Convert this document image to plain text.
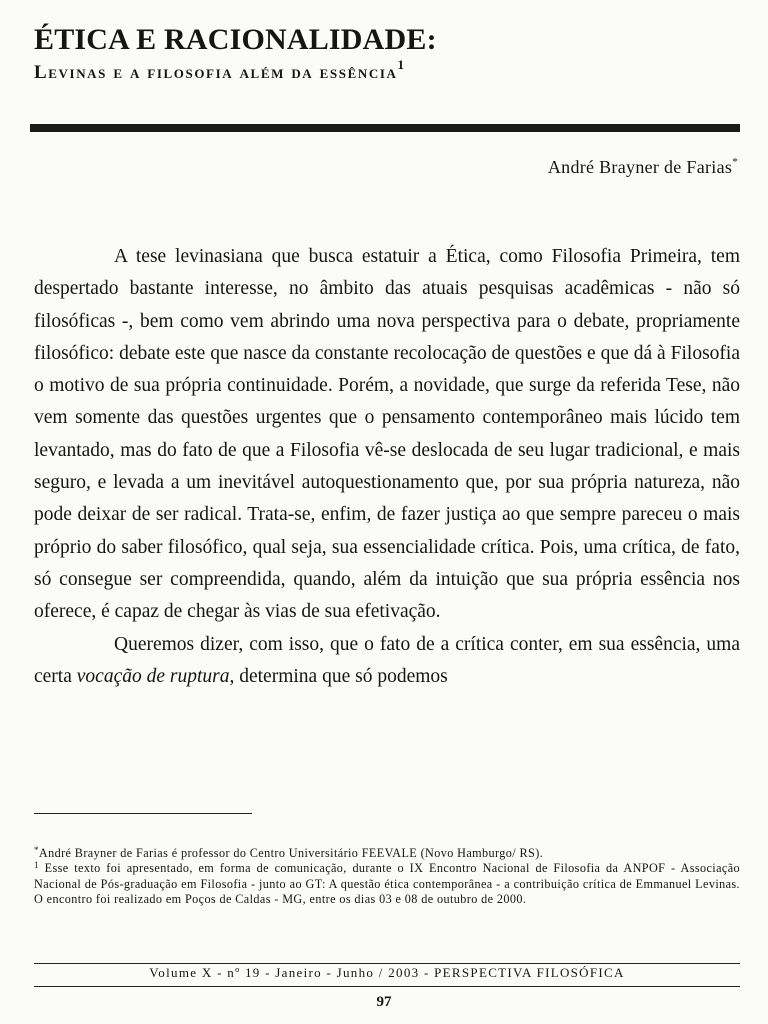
ÉTICA E RACIONALIDADE:
Levinas e a filosofia além da essência$^1$
André Brayner de Farias*

A tese levinasiana que busca estatuir a Ética, como Filosofia Primeira, tem despertado bastante interesse, no âmbito das atuais pesquisas acadêmicas - não só filosóficas -, bem como vem abrindo uma nova perspectiva para o debate, propriamente filosófico: debate este que nasce da constante recolocação de questões e que dá à Filosofia o motivo de sua própria continuidade. Porém, a novidade, que surge da referida Tese, não vem somente das questões urgentes que o pensamento contemporâneo mais lúcido tem levantado, mas do fato de que a Filosofia vê-se deslocada de seu lugar tradicional, e mais seguro, e levada a um inevitável autoquestionamento que, por sua própria natureza, não pode deixar de ser radical. Trata-se, enfim, de fazer justiça ao que sempre pareceu o mais próprio do saber filosófico, qual seja, sua essencialidade crítica. Pois, uma crítica, de fato, só consegue ser compreendida, quando, além da intuição que sua própria essência nos oferece, é capaz de chegar às vias de sua efetivação.

Queremos dizer, com isso, que o fato de a crítica conter, em sua essência, uma certa vocação de ruptura, determina que só podemos

*André Brayner de Farias é professor do Centro Universitário FEEVALE (Novo Hamburgo/ RS).

$^1$ Esse texto foi apresentado, em forma de comunicação, durante o IX Encontro Nacional de Filosofia da ANPOF - Associação Nacional de Pós-graduação em Filosofia - junto ao GT: A questão ética contemporânea - a contribuição crítica de Emmanuel Levinas. O encontro foi realizado em Poços de Caldas - MG, entre os dias 03 e 08 de outubro de 2000.

Volume X - nº 19 - Janeiro - Junho / 2003 - PERSPECTIVA FILOSÓFICA
97
